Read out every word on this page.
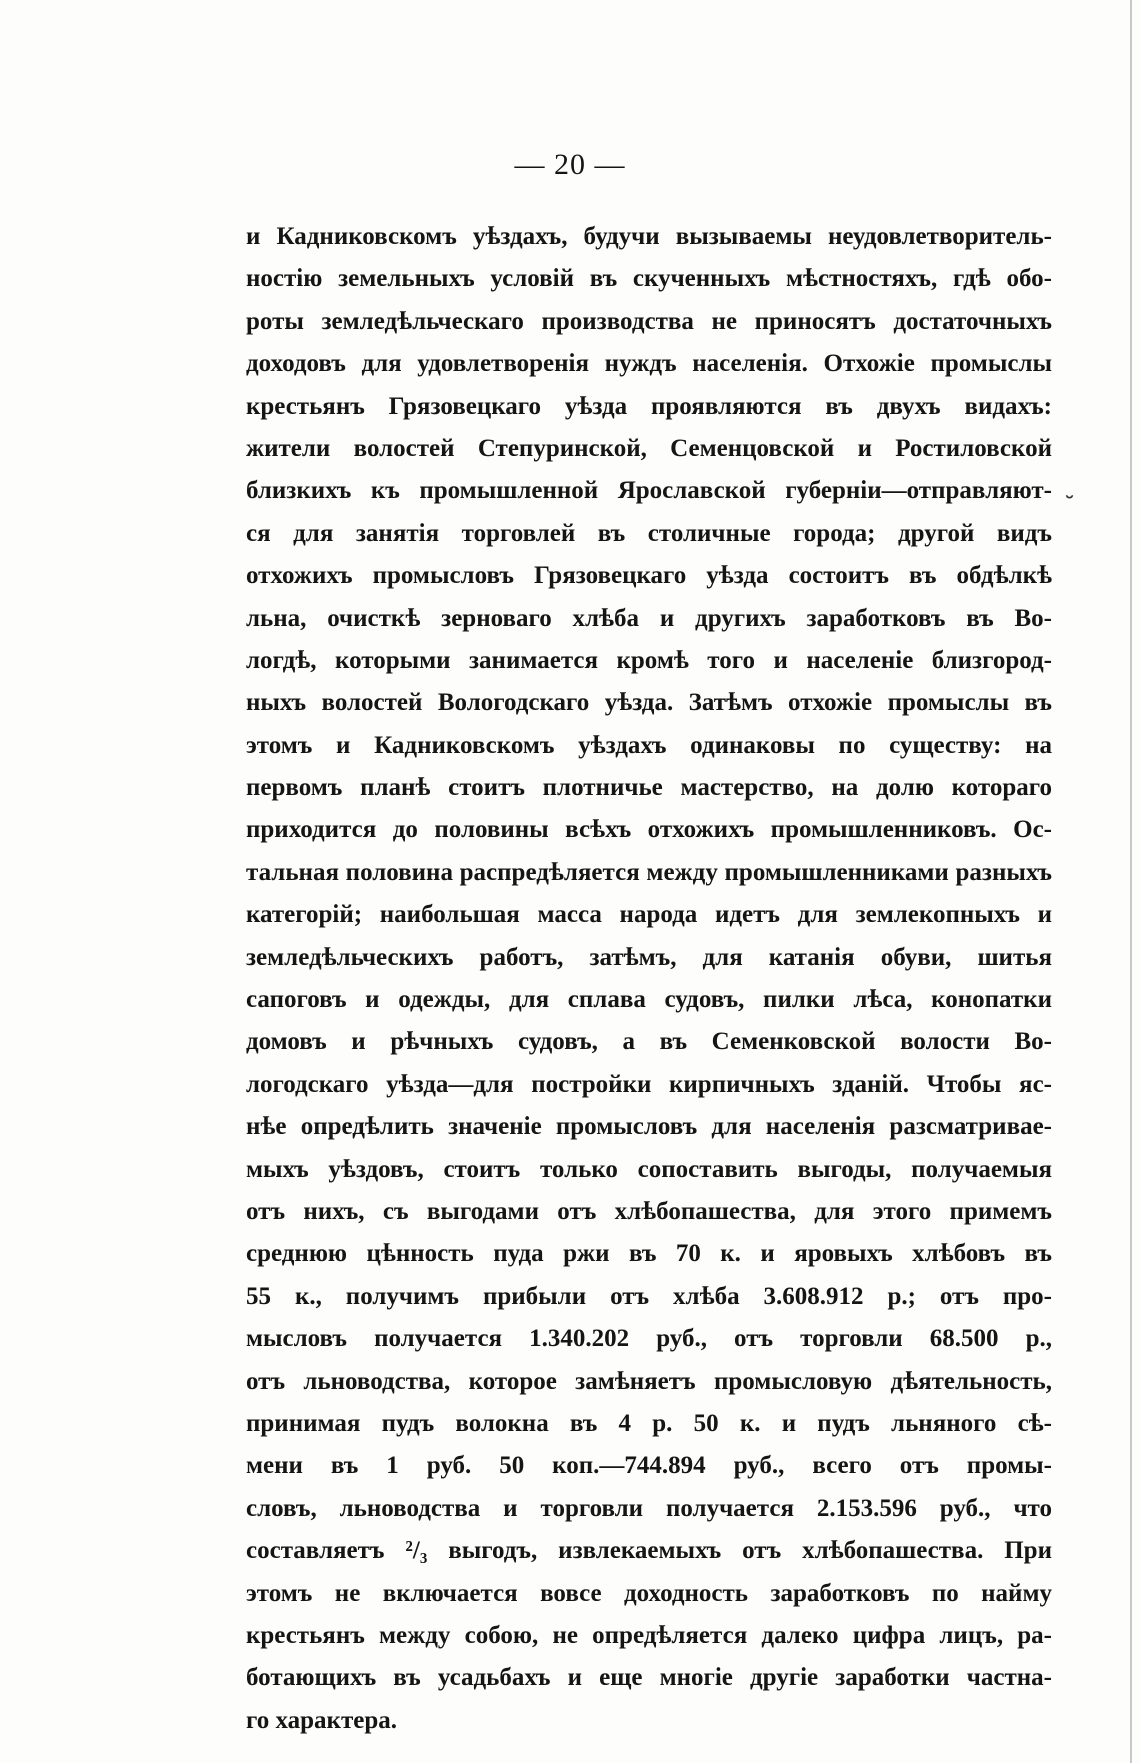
˘
— 20 —
и Кадниковскомъ уѣздахъ, будучи вызываемы неудовлетворитель-
ностію земельныхъ условій въ скученныхъ мѣстностяхъ, гдѣ обо-
роты земледѣльческаго производства не приносятъ достаточныхъ
доходовъ для удовлетворенія нуждъ населенія. Отхожіе промыслы
крестьянъ Грязовецкаго уѣзда проявляются въ двухъ видахъ:
жители волостей Степуринской, Семенцовской и Ростиловской
близкихъ къ промышленной Ярославской губерніи—отправляют-
ся для занятія торговлей въ столичные города; другой видъ
отхожихъ промысловъ Грязовецкаго уѣзда состоитъ въ обдѣлкѣ
льна, очисткѣ зерноваго хлѣба и другихъ заработковъ въ Во-
логдѣ, которыми занимается кромѣ того и населеніе близгород-
ныхъ волостей Вологодскаго уѣзда. Затѣмъ отхожіе промыслы въ
этомъ и Кадниковскомъ уѣздахъ одинаковы по существу: на
первомъ планѣ стоитъ плотничье мастерство, на долю котораго
приходится до половины всѣхъ отхожихъ промышленниковъ. Ос-
тальная половина распредѣляется между промышленниками разныхъ
категорій; наибольшая масса народа идетъ для землекопныхъ и
земледѣльческихъ работъ, затѣмъ, для катанія обуви, шитья
сапоговъ и одежды, для сплава судовъ, пилки лѣса, конопатки
домовъ и рѣчныхъ судовъ, а въ Семенковской волости Во-
логодскаго уѣзда—для постройки кирпичныхъ зданій. Чтобы яс-
нѣе опредѣлить значеніе промысловъ для населенія разсматривае-
мыхъ уѣздовъ, стоитъ только сопоставить выгоды, получаемыя
отъ нихъ, съ выгодами отъ хлѣбопашества, для этого примемъ
среднюю цѣнность пуда ржи въ 70 к. и яровыхъ хлѣбовъ въ
55 к., получимъ прибыли отъ хлѣба 3.608.912 р.; отъ про-
мысловъ получается 1.340.202 руб., отъ торговли 68.500 р.,
отъ льноводства, которое замѣняетъ промысловую дѣятельность,
принимая пудъ волокна въ 4 р. 50 к. и пудъ льняного сѣ-
мени въ 1 руб. 50 коп.—744.894 руб., всего отъ промы-
словъ, льноводства и торговли получается 2.153.596 руб., что
составляетъ ²/₃ выгодъ, извлекаемыхъ отъ хлѣбопашества. При
этомъ не включается вовсе доходность заработковъ по найму
крестьянъ между собою, не опредѣляется далеко цифра лицъ, ра-
ботающихъ въ усадьбахъ и еще многіе другіе заработки частна-
го характера.
